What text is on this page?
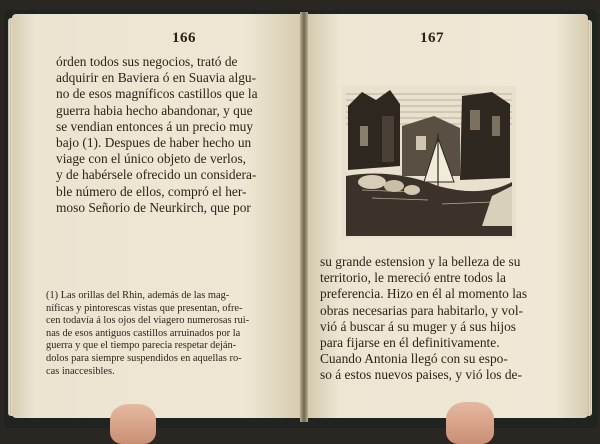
166
órden todos sus negocios, trató de
adquirir en Baviera ó en Suavia algu-
no de esos magníficos castillos que la
guerra habia hecho abandonar, y que
se vendian entonces á un precio muy
bajo (1). Despues de haber hecho un
viage con el único objeto de verlos,
y de habérsele ofrecido un considera-
ble número de ellos, compró el her-
moso Señorio de Neurkirch, que por
(1) Las orillas del Rhin, además de las mag-
níficas y pintorescas vistas que presentan, ofre-
cen todavía á los ojos del viagero numerosas rui-
nas de esos antiguos castillos arruinados por la
guerra y que el tiempo parecia respetar deján-
dolos para siempre suspendidos en aquellas ro-
cas inaccesibles.
167
su grande estension y la belleza de su
territorio, le mereció entre todos la
preferencia. Hizo en él al momento las
obras necesarias para habitarlo, y vol-
vió á buscar á su muger y á sus hijos
para fijarse en él definitivamente.
Cuando Antonia llegó con su espo-
so á estos nuevos paises, y vió los de-
